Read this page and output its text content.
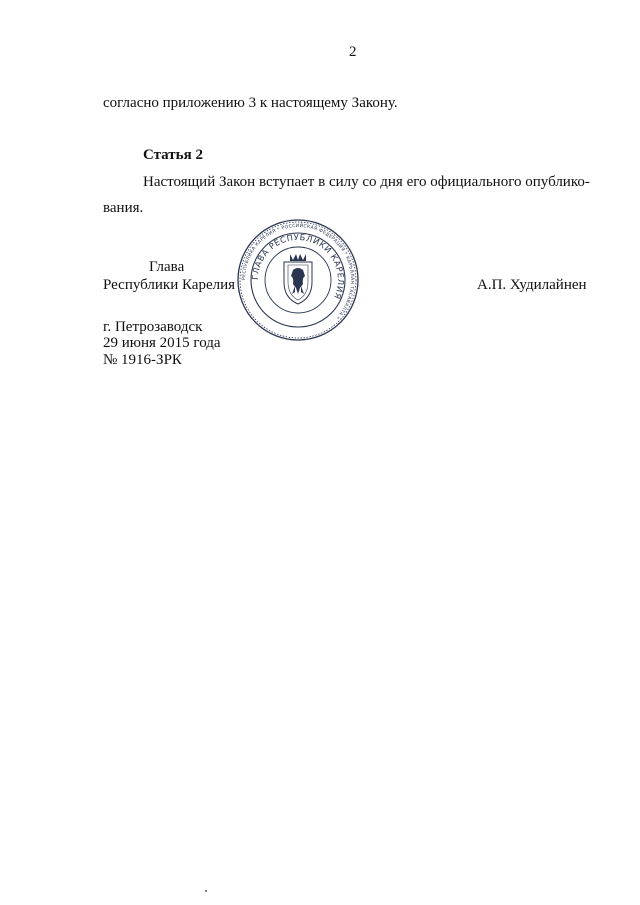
2
согласно приложению 3 к настоящему Закону.
Статья 2
Настоящий Закон вступает в силу со дня его официального опублико-
вания.
Глава
Республики Карелия	А.П. Худилайнен
г. Петрозаводск
29 июня 2015 года
№ 1916-ЗРК
РЕСПУБЛИКА КАРЕЛИЯ * РОССИЙСКАЯ ФЕДЕРАЦИЯ * КАРЬЯЛАН ТАСАВАЛТА *
ГЛАВА РЕСПУБЛИКИ КАРЕЛИЯ
